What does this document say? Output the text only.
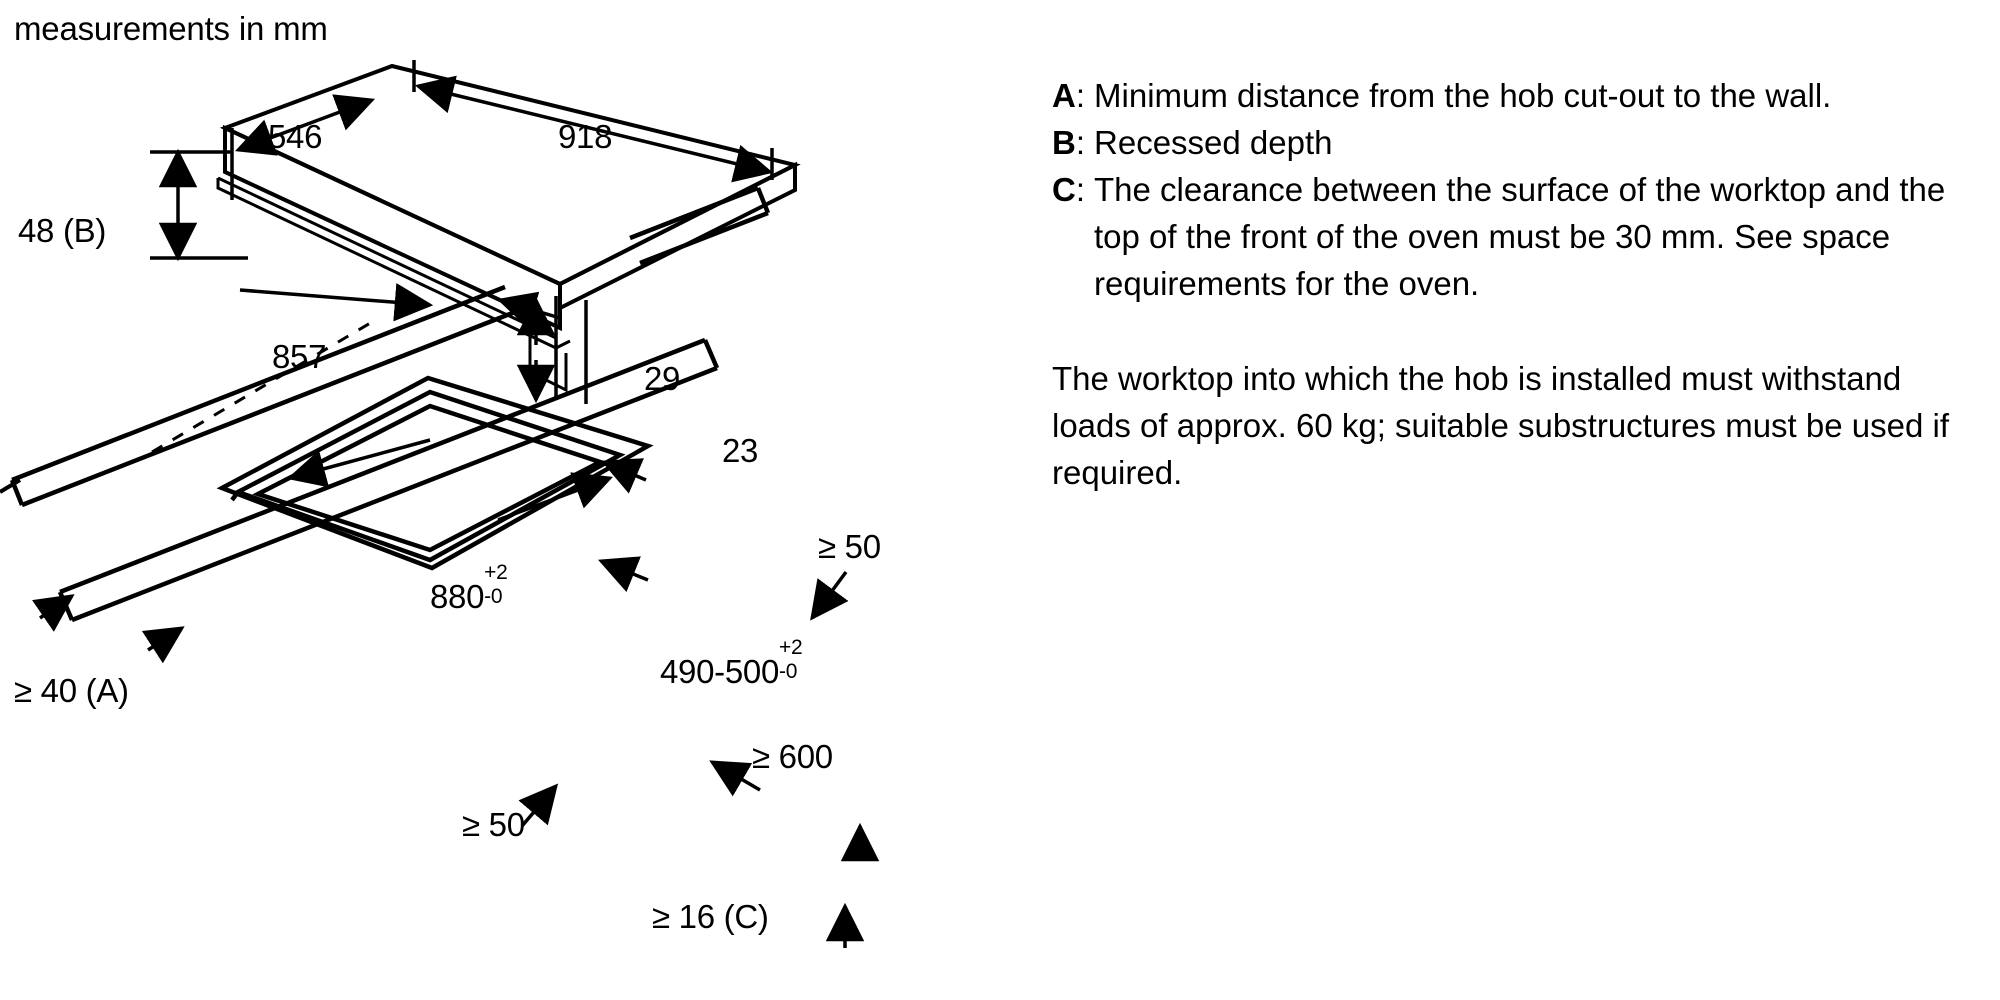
measurements in mm
546	918
48 (B)
857
29
23
≥ 50
880
+2
-0
≥ 40 (A)
490-500
+2
-0
≥ 600
≥ 50
≥ 16 (C)
A : Minimum distance from the hob cut-out to the wall.
B : Recessed depth
C : The clearance between the surface of the worktop and the top of the front of the oven must be 30 mm. See space requirements for the oven.

The worktop into which the hob is installed must withstand loads of approx. 60 kg; suitable substructures must be used if required.
